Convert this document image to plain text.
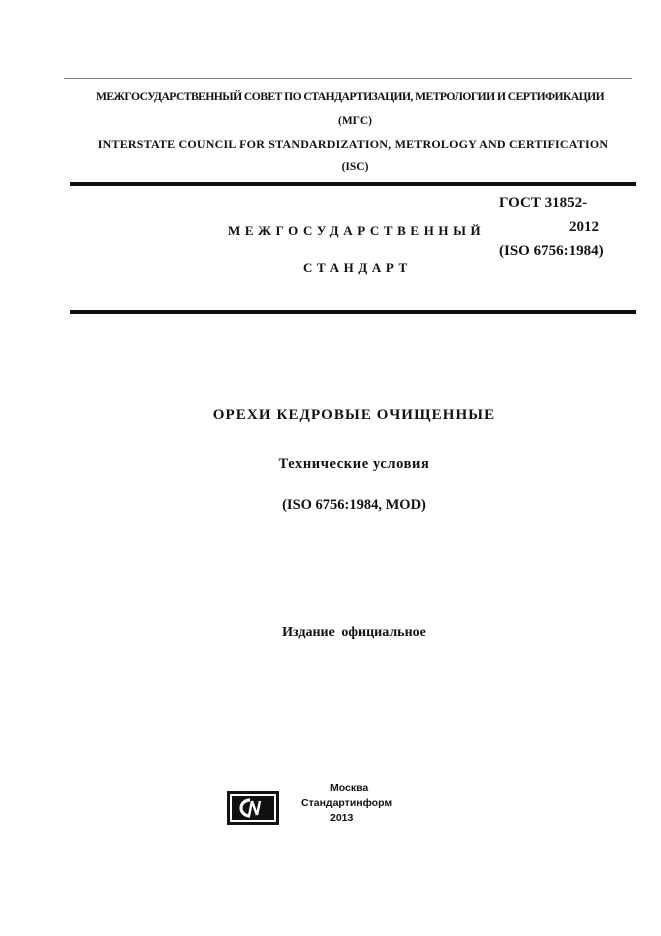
МЕЖГОСУДАРСТВЕННЫЙ СОВЕТ ПО СТАНДАРТИЗАЦИИ, МЕТРОЛОГИИ И СЕРТИФИКАЦИИ
(МГС)
INTERSTATE COUNCIL FOR STANDARDIZATION, METROLOGY AND CERTIFICATION
(ISC)
МЕЖГОСУДАРСТВЕННЫЙ
СТАНДАРТ
ГОСТ 31852-
2012
(ISO 6756:1984)
ОРЕХИ КЕДРОВЫЕ ОЧИЩЕННЫЕ
Технические условия
(ISO 6756:1984, MOD)
Издание официальное
Москва
Стандартинформ
2013
